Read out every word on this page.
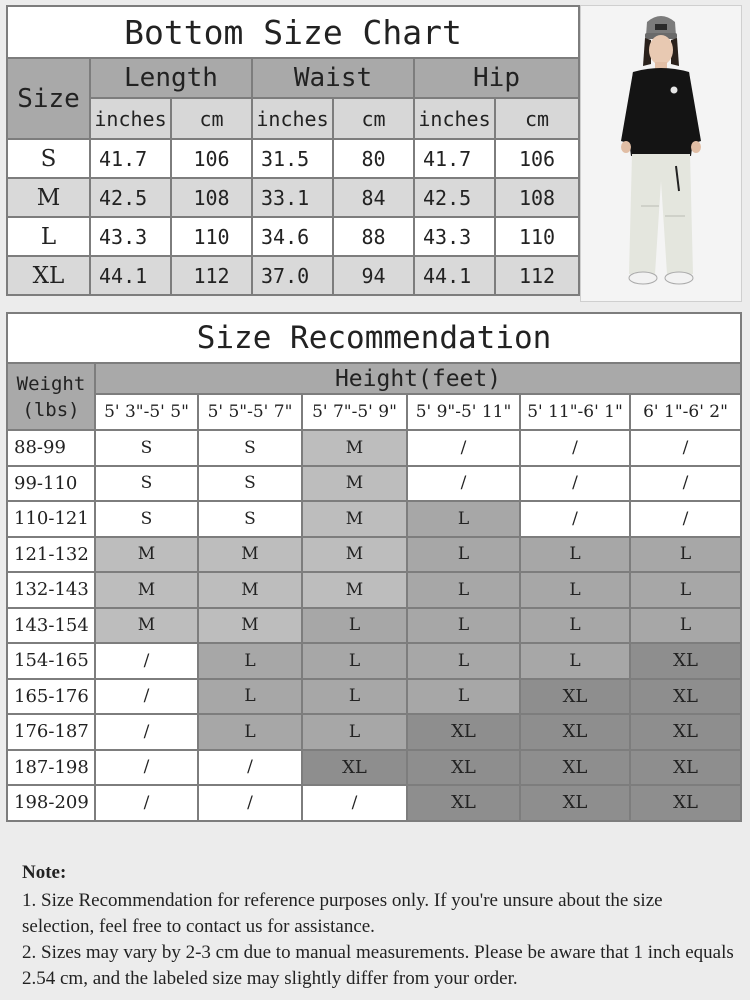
Bottom Size Chart						
Size	Length		Waist		Hip	
	inches	cm	inches	cm	inches	cm
S	41.7	106	31.5	80	41.7	106
M	42.5	108	33.1	84	42.5	108
L	43.3	110	34.6	88	43.3	110
XL	44.1	112	37.0	94	44.1	112
Size Recommendation						
Weight
(lbs)	Height(feet)					
	5' 3"-5' 5"	5' 5"-5' 7"	5' 7"-5' 9"	5' 9"-5' 11"	5' 11"-6' 1"	6' 1"-6' 2"
88-99	S	S	M	/	/	/
99-110	S	S	M	/	/	/
110-121	S	S	M	L	/	/
121-132	M	M	M	L	L	L
132-143	M	M	M	L	L	L
143-154	M	M	L	L	L	L
154-165	/	L	L	L	L	XL
165-176	/	L	L	L	XL	XL
176-187	/	L	L	XL	XL	XL
187-198	/	/	XL	XL	XL	XL
198-209	/	/	/	XL	XL	XL
Note:

1. Size Recommendation for reference purposes only. If you're unsure about the size selection, feel free to contact us for assistance.

2. Sizes may vary by 2-3 cm due to manual measurements. Please be aware that 1 inch equals 2.54 cm, and the labeled size may slightly differ from your order.
